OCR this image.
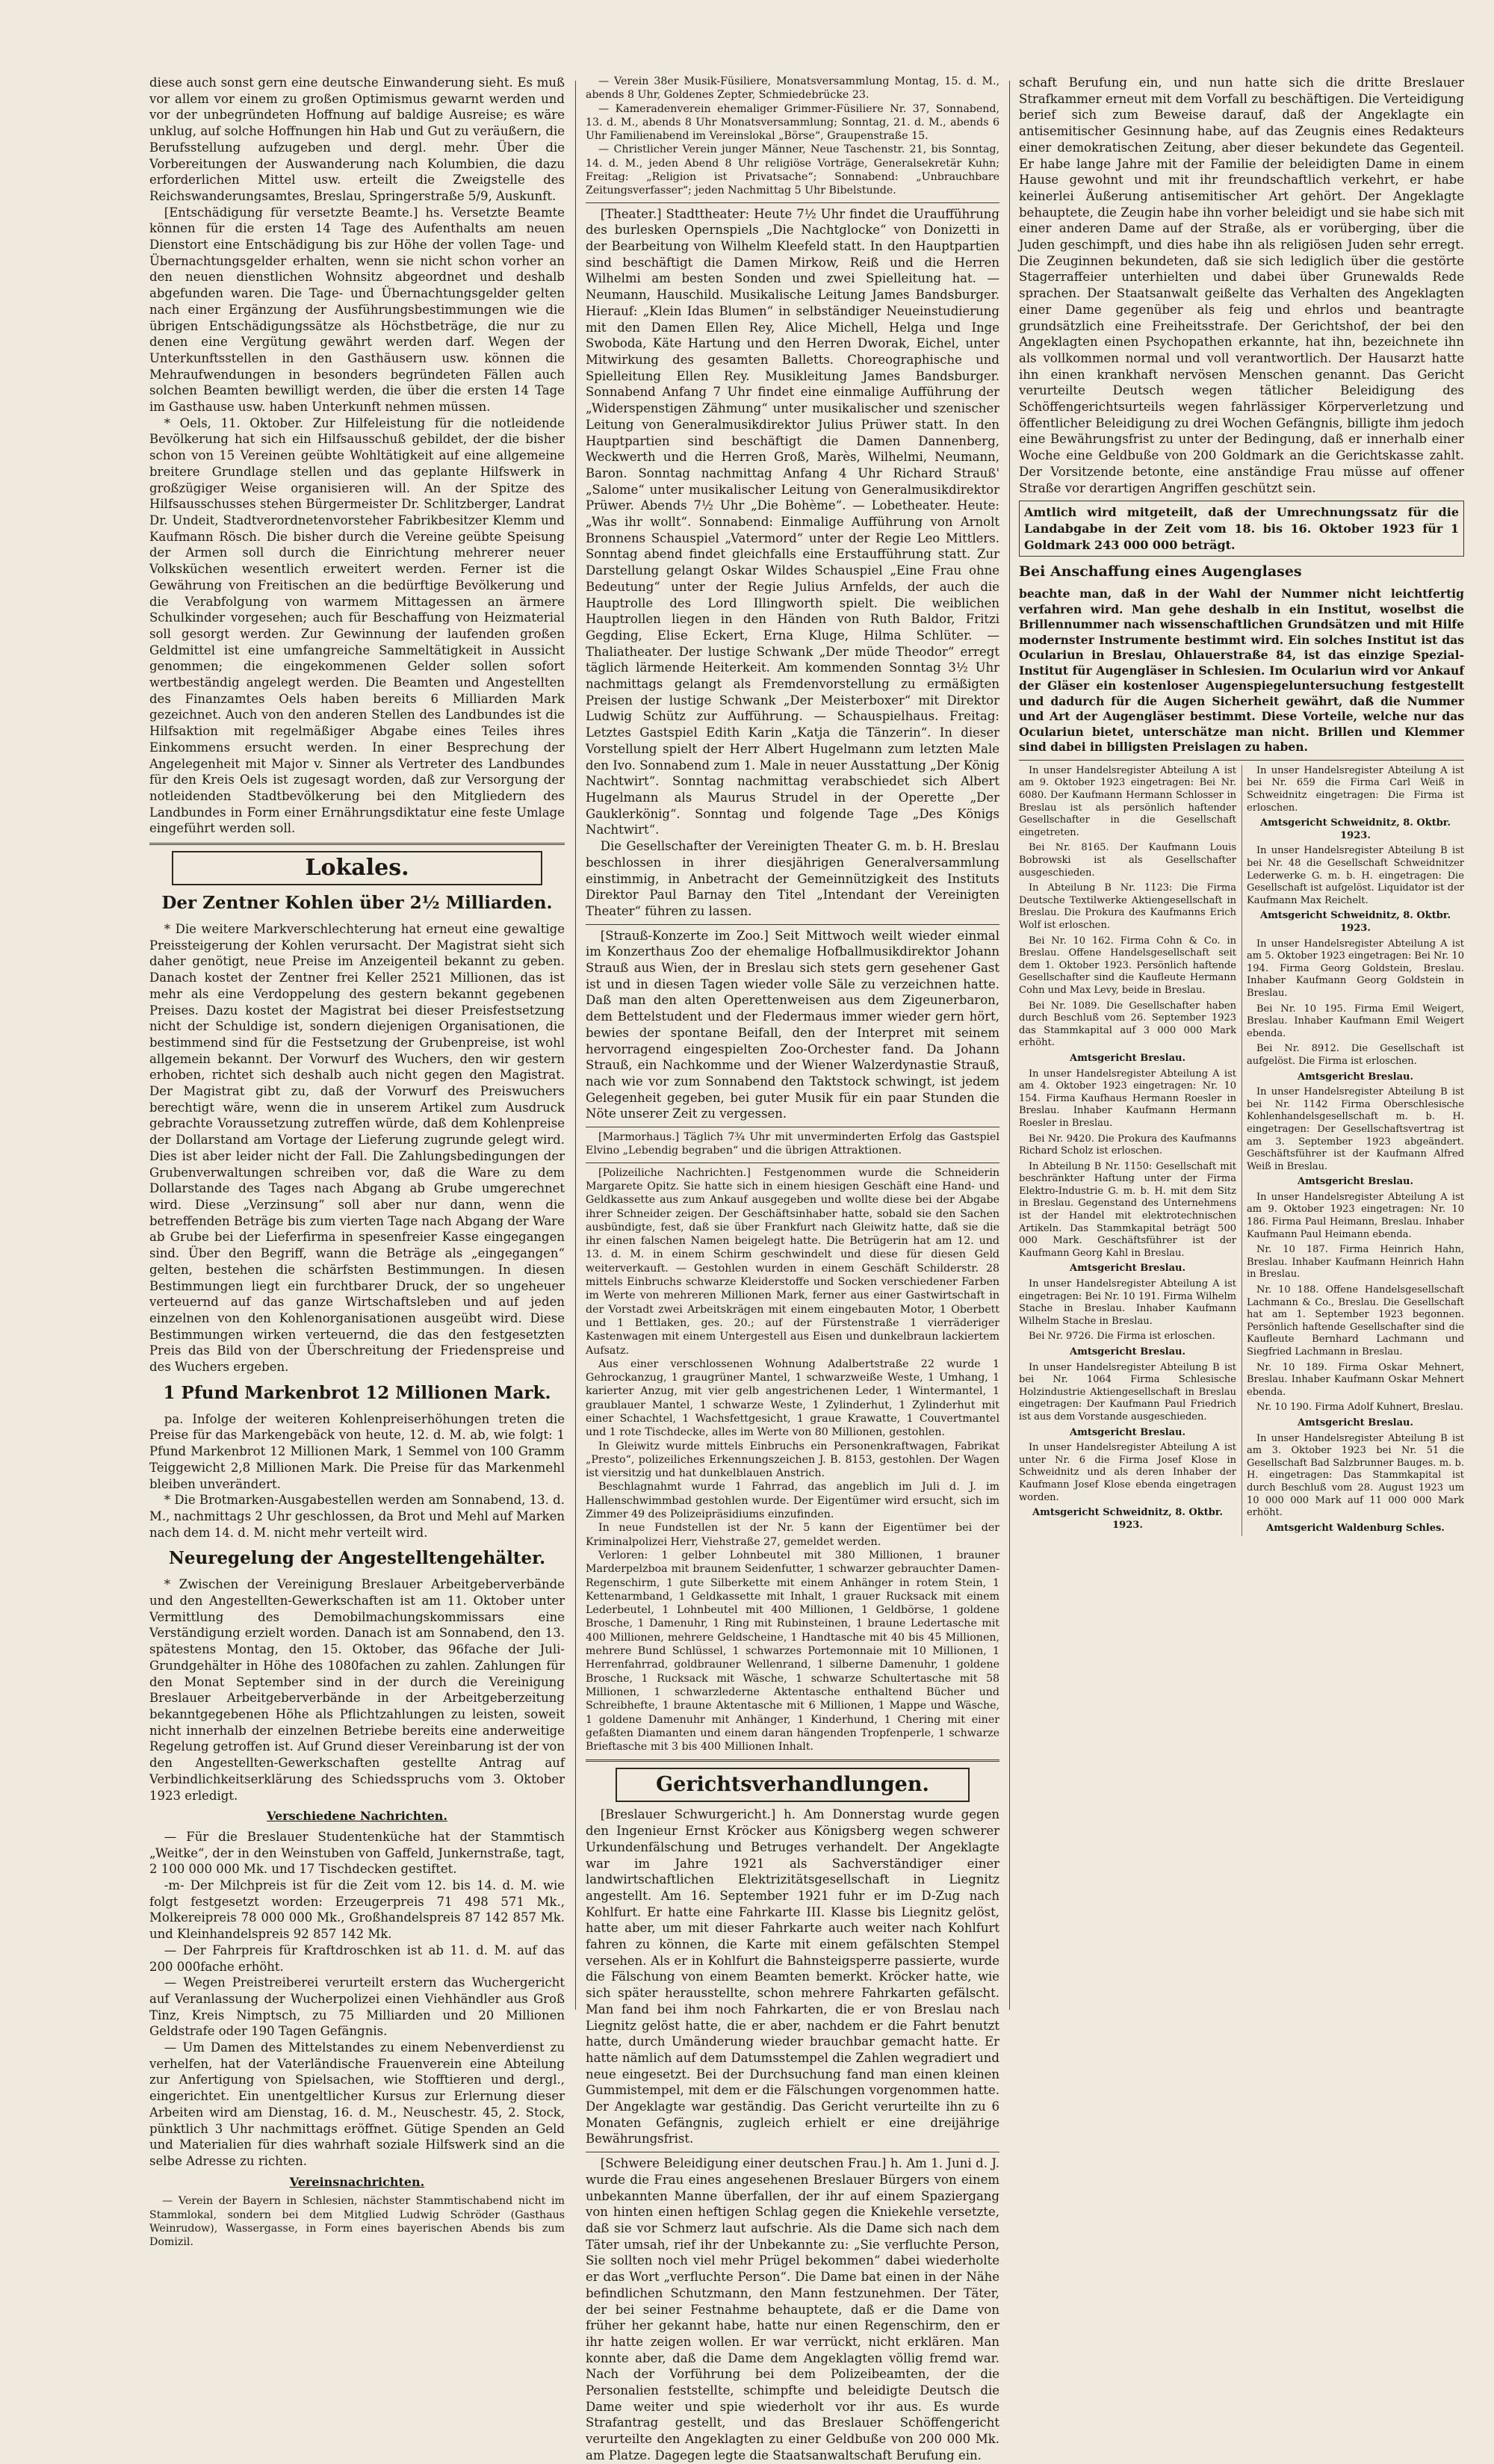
diese auch sonst gern eine deutsche Einwanderung sieht. Es muß vor allem vor einem zu großen Optimismus gewarnt werden und vor der unbegründeten Hoffnung auf baldige Ausreise; es wäre unklug, auf solche Hoffnungen hin Hab und Gut zu veräußern, die Berufsstellung aufzugeben und dergl. mehr. Über die Vorbereitungen der Auswanderung nach Kolumbien, die dazu erforderlichen Mittel usw. erteilt die Zweigstelle des Reichswanderungsamtes, Breslau, Springerstraße 5/9, Auskunft.

[Entschädigung für versetzte Beamte.] hs. Versetzte Beamte können für die ersten 14 Tage des Aufenthalts am neuen Dienstort eine Entschädigung bis zur Höhe der vollen Tage- und Übernachtungsgelder erhalten, wenn sie nicht schon vorher an den neuen dienstlichen Wohnsitz abgeordnet und deshalb abgefunden waren. Die Tage- und Übernachtungsgelder gelten nach einer Ergänzung der Ausführungsbestimmungen wie die übrigen Entschädigungssätze als Höchstbeträge, die nur zu denen eine Vergütung gewährt werden darf. Wegen der Unterkunftsstellen in den Gasthäusern usw. können die Mehraufwendungen in besonders begründeten Fällen auch solchen Beamten bewilligt werden, die über die ersten 14 Tage im Gasthause usw. haben Unterkunft nehmen müssen.

* Oels, 11. Oktober. Zur Hilfeleistung für die notleidende Bevölkerung hat sich ein Hilfsausschuß gebildet, der die bisher schon von 15 Vereinen geübte Wohltätigkeit auf eine allgemeine breitere Grundlage stellen und das geplante Hilfswerk in großzügiger Weise organisieren will. An der Spitze des Hilfsausschusses stehen Bürgermeister Dr. Schlitzberger, Landrat Dr. Undeit, Stadtverordnetenvorsteher Fabrikbesitzer Klemm und Kaufmann Rösch. Die bisher durch die Vereine geübte Speisung der Armen soll durch die Einrichtung mehrerer neuer Volksküchen wesentlich erweitert werden. Ferner ist die Gewährung von Freitischen an die bedürftige Bevölkerung und die Verabfolgung von warmem Mittagessen an ärmere Schulkinder vorgesehen; auch für Beschaffung von Heizmaterial soll gesorgt werden. Zur Gewinnung der laufenden großen Geldmittel ist eine umfangreiche Sammeltätigkeit in Aussicht genommen; die eingekommenen Gelder sollen sofort wertbeständig angelegt werden. Die Beamten und Angestellten des Finanzamtes Oels haben bereits 6 Milliarden Mark gezeichnet. Auch von den anderen Stellen des Landbundes ist die Hilfsaktion mit regelmäßiger Abgabe eines Teiles ihres Einkommens ersucht werden. In einer Besprechung der Angelegenheit mit Major v. Sinner als Vertreter des Landbundes für den Kreis Oels ist zugesagt worden, daß zur Versorgung der notleidenden Stadtbevölkerung bei den Mitgliedern des Landbundes in Form einer Ernährungsdiktatur eine feste Umlage eingeführt werden soll.

Lokales.
Der Zentner Kohlen über 2½ Milliarden.

* Die weitere Markverschlechterung hat erneut eine gewaltige Preissteigerung der Kohlen verursacht. Der Magistrat sieht sich daher genötigt, neue Preise im Anzeigenteil bekannt zu geben. Danach kostet der Zentner frei Keller 2521 Millionen, das ist mehr als eine Verdoppelung des gestern bekannt gegebenen Preises. Dazu kostet der Magistrat bei dieser Preisfestsetzung nicht der Schuldige ist, sondern diejenigen Organisationen, die bestimmend sind für die Festsetzung der Grubenpreise, ist wohl allgemein bekannt. Der Vorwurf des Wuchers, den wir gestern erhoben, richtet sich deshalb auch nicht gegen den Magistrat. Der Magistrat gibt zu, daß der Vorwurf des Preiswuchers berechtigt wäre, wenn die in unserem Artikel zum Ausdruck gebrachte Voraussetzung zutreffen würde, daß dem Kohlenpreise der Dollarstand am Vortage der Lieferung zugrunde gelegt wird. Dies ist aber leider nicht der Fall. Die Zahlungsbedingungen der Grubenverwaltungen schreiben vor, daß die Ware zu dem Dollarstande des Tages nach Abgang ab Grube umgerechnet wird. Diese „Verzinsung“ soll aber nur dann, wenn die betreffenden Beträge bis zum vierten Tage nach Abgang der Ware ab Grube bei der Lieferfirma in spesenfreier Kasse eingegangen sind. Über den Begriff, wann die Beträge als „eingegangen“ gelten, bestehen die schärfsten Bestimmungen. In diesen Bestimmungen liegt ein furchtbarer Druck, der so ungeheuer verteuernd auf das ganze Wirtschaftsleben und auf jeden einzelnen von den Kohlenorganisationen ausgeübt wird. Diese Bestimmungen wirken verteuernd, die das den festgesetzten Preis das Bild von der Überschreitung der Friedenspreise und des Wuchers ergeben.

1 Pfund Markenbrot 12 Millionen Mark.

pa. Infolge der weiteren Kohlenpreiserhöhungen treten die Preise für das Markengebäck von heute, 12. d. M. ab, wie folgt: 1 Pfund Markenbrot 12 Millionen Mark, 1 Semmel von 100 Gramm Teiggewicht 2,8 Millionen Mark. Die Preise für das Markenmehl bleiben unverändert.

* Die Brotmarken-Ausgabestellen werden am Sonnabend, 13. d. M., nachmittags 2 Uhr geschlossen, da Brot und Mehl auf Marken nach dem 14. d. M. nicht mehr verteilt wird.

Neuregelung der Angestelltengehälter.

* Zwischen der Vereinigung Breslauer Arbeitgeberverbände und den Angestellten-Gewerkschaften ist am 11. Oktober unter Vermittlung des Demobilmachungskommissars eine Verständigung erzielt worden. Danach ist am Sonnabend, den 13. spätestens Montag, den 15. Oktober, das 96fache der Juli-Grundgehälter in Höhe des 1080fachen zu zahlen. Zahlungen für den Monat September sind in der durch die Vereinigung Breslauer Arbeitgeberverbände in der Arbeitgeberzeitung bekanntgegebenen Höhe als Pflichtzahlungen zu leisten, soweit nicht innerhalb der einzelnen Betriebe bereits eine anderweitige Regelung getroffen ist. Auf Grund dieser Vereinbarung ist der von den Angestellten-Gewerkschaften gestellte Antrag auf Verbindlichkeitserklärung des Schiedsspruchs vom 3. Oktober 1923 erledigt.

Verschiedene Nachrichten.

— Für die Breslauer Studentenküche hat der Stammtisch „Weitke“, der in den Weinstuben von Gaffeld, Junkernstraße, tagt, 2 100 000 000 Mk. und 17 Tischdecken gestiftet.

-m- Der Milchpreis ist für die Zeit vom 12. bis 14. d. M. wie folgt festgesetzt worden: Erzeugerpreis 71 498 571 Mk., Molkereipreis 78 000 000 Mk., Großhandelspreis 87 142 857 Mk. und Kleinhandelspreis 92 857 142 Mk.

— Der Fahrpreis für Kraftdroschken ist ab 11. d. M. auf das 200 000fache erhöht.

— Wegen Preistreiberei verurteilt erstern das Wuchergericht auf Veranlassung der Wucherpolizei einen Viehhändler aus Groß Tinz, Kreis Nimptsch, zu 75 Milliarden und 20 Millionen Geldstrafe oder 190 Tagen Gefängnis.

— Um Damen des Mittelstandes zu einem Nebenverdienst zu verhelfen, hat der Vaterländische Frauenverein eine Abteilung zur Anfertigung von Spielsachen, wie Stofftieren und dergl., eingerichtet. Ein unentgeltlicher Kursus zur Erlernung dieser Arbeiten wird am Dienstag, 16. d. M., Neuschestr. 45, 2. Stock, pünktlich 3 Uhr nachmittags eröffnet. Gütige Spenden an Geld und Materialien für dies wahrhaft soziale Hilfswerk sind an die selbe Adresse zu richten.

Vereinsnachrichten.

— Verein der Bayern in Schlesien, nächster Stammtischabend nicht im Stammlokal, sondern bei dem Mitglied Ludwig Schröder (Gasthaus Weinrudow), Wassergasse, in Form eines bayerischen Abends bis zum Domizil.

— Verein 38er Musik-Füsiliere, Monatsversammlung Montag, 15. d. M., abends 8 Uhr, Goldenes Zepter, Schmiedebrücke 23.

— Kameradenverein ehemaliger Grimmer-Füsiliere Nr. 37, Sonnabend, 13. d. M., abends 8 Uhr Monatsversammlung; Sonntag, 21. d. M., abends 6 Uhr Familienabend im Vereinslokal „Börse“, Graupenstraße 15.

— Christlicher Verein junger Männer, Neue Taschenstr. 21, bis Sonntag, 14. d. M., jeden Abend 8 Uhr religiöse Vorträge, Generalsekretär Kuhn; Freitag: „Religion ist Privatsache“; Sonnabend: „Unbrauchbare Zeitungsverfasser“; jeden Nachmittag 5 Uhr Bibelstunde.

[Theater.] Stadttheater: Heute 7½ Uhr findet die Uraufführung des burlesken Opernspiels „Die Nachtglocke“ von Donizetti in der Bearbeitung von Wilhelm Kleefeld statt. In den Hauptpartien sind beschäftigt die Damen Mirkow, Reiß und die Herren Wilhelmi am besten Sonden und zwei Spielleitung hat. — Neumann, Hauschild. Musikalische Leitung James Bandsburger. Hierauf: „Klein Idas Blumen“ in selbständiger Neueinstudierung mit den Damen Ellen Rey, Alice Michell, Helga und Inge Swoboda, Käte Hartung und den Herren Dworak, Eichel, unter Mitwirkung des gesamten Balletts. Choreographische und Spielleitung Ellen Rey. Musikleitung James Bandsburger. Sonnabend Anfang 7 Uhr findet eine einmalige Aufführung der „Widerspenstigen Zähmung“ unter musikalischer und szenischer Leitung von Generalmusikdirektor Julius Prüwer statt. In den Hauptpartien sind beschäftigt die Damen Dannenberg, Weckwerth und die Herren Groß, Marès, Wilhelmi, Neumann, Baron. Sonntag nachmittag Anfang 4 Uhr Richard Strauß' „Salome“ unter musikalischer Leitung von Generalmusikdirektor Prüwer. Abends 7½ Uhr „Die Bohème“. — Lobetheater. Heute: „Was ihr wollt“. Sonnabend: Einmalige Aufführung von Arnolt Bronnens Schauspiel „Vatermord“ unter der Regie Leo Mittlers. Sonntag abend findet gleichfalls eine Erstaufführung statt. Zur Darstellung gelangt Oskar Wildes Schauspiel „Eine Frau ohne Bedeutung“ unter der Regie Julius Arnfelds, der auch die Hauptrolle des Lord Illingworth spielt. Die weiblichen Hauptrollen liegen in den Händen von Ruth Baldor, Fritzi Gegding, Elise Eckert, Erna Kluge, Hilma Schlüter. — Thaliatheater. Der lustige Schwank „Der müde Theodor“ erregt täglich lärmende Heiterkeit. Am kommenden Sonntag 3½ Uhr nachmittags gelangt als Fremdenvorstellung zu ermäßigten Preisen der lustige Schwank „Der Meisterboxer“ mit Direktor Ludwig Schütz zur Aufführung. — Schauspielhaus. Freitag: Letztes Gastspiel Edith Karin „Katja die Tänzerin“. In dieser Vorstellung spielt der Herr Albert Hugelmann zum letzten Male den Ivo. Sonnabend zum 1. Male in neuer Ausstattung „Der König Nachtwirt“. Sonntag nachmittag verabschiedet sich Albert Hugelmann als Maurus Strudel in der Operette „Der Gauklerkönig“. Sonntag und folgende Tage „Des Königs Nachtwirt“.

Die Gesellschafter der Vereinigten Theater G. m. b. H. Breslau beschlossen in ihrer diesjährigen Generalversammlung einstimmig, in Anbetracht der Gemeinnützigkeit des Instituts Direktor Paul Barnay den Titel „Intendant der Vereinigten Theater“ führen zu lassen.

[Strauß-Konzerte im Zoo.] Seit Mittwoch weilt wieder einmal im Konzerthaus Zoo der ehemalige Hofballmusikdirektor Johann Strauß aus Wien, der in Breslau sich stets gern gesehener Gast ist und in diesen Tagen wieder volle Säle zu verzeichnen hatte. Daß man den alten Operettenweisen aus dem Zigeunerbaron, dem Bettelstudent und der Fledermaus immer wieder gern hört, bewies der spontane Beifall, den der Interpret mit seinem hervorragend eingespielten Zoo-Orchester fand. Da Johann Strauß, ein Nachkomme und der Wiener Walzerdynastie Strauß, nach wie vor zum Sonnabend den Taktstock schwingt, ist jedem Gelegenheit gegeben, bei guter Musik für ein paar Stunden die Nöte unserer Zeit zu vergessen.

[Marmorhaus.] Täglich 7¾ Uhr mit unverminderten Erfolg das Gastspiel Elvino „Lebendig begraben“ und die übrigen Attraktionen.

[Polizeiliche Nachrichten.] Festgenommen wurde die Schneiderin Margarete Opitz. Sie hatte sich in einem hiesigen Geschäft eine Hand- und Geldkassette aus zum Ankauf ausgegeben und wollte diese bei der Abgabe ihrer Schneider zeigen. Der Geschäftsinhaber hatte, sobald sie den Sachen ausbündigte, fest, daß sie über Frankfurt nach Gleiwitz hatte, daß sie die ihr einen falschen Namen beigelegt hatte. Die Betrügerin hat am 12. und 13. d. M. in einem Schirm geschwindelt und diese für diesen Geld weiterverkauft. — Gestohlen wurden in einem Geschäft Schilderstr. 28 mittels Einbruchs schwarze Kleiderstoffe und Socken verschiedener Farben im Werte von mehreren Millionen Mark, ferner aus einer Gastwirtschaft in der Vorstadt zwei Arbeitskrägen mit einem eingebauten Motor, 1 Oberbett und 1 Bettlaken, ges. 20.; auf der Fürstenstraße 1 vierräderiger Kastenwagen mit einem Untergestell aus Eisen und dunkelbraun lackiertem Aufsatz.

Aus einer verschlossenen Wohnung Adalbertstraße 22 wurde 1 Gehrockanzug, 1 graugrüner Mantel, 1 schwarzweiße Weste, 1 Umhang, 1 karierter Anzug, mit vier gelb angestrichenen Leder, 1 Wintermantel, 1 graublauer Mantel, 1 schwarze Weste, 1 Zylinderhut, 1 Zylinderhut mit einer Schachtel, 1 Wachsfettgesicht, 1 graue Krawatte, 1 Couvertmantel und 1 rote Tischdecke, alles im Werte von 80 Millionen, gestohlen.

In Gleiwitz wurde mittels Einbruchs ein Personenkraftwagen, Fabrikat „Presto“, polizeiliches Erkennungszeichen J. B. 8153, gestohlen. Der Wagen ist viersitzig und hat dunkelblauen Anstrich.

Beschlagnahmt wurde 1 Fahrrad, das angeblich im Juli d. J. im Hallenschwimmbad gestohlen wurde. Der Eigentümer wird ersucht, sich im Zimmer 49 des Polizeipräsidiums einzufinden.

In neue Fundstellen ist der Nr. 5 kann der Eigentümer bei der Kriminalpolizei Herr, Viehstraße 27, gemeldet werden.

Verloren: 1 gelber Lohnbeutel mit 380 Millionen, 1 brauner Marderpelzboa mit braunem Seidenfutter, 1 schwarzer gebrauchter Damen-Regenschirm, 1 gute Silberkette mit einem Anhänger in rotem Stein, 1 Kettenarmband, 1 Geldkassette mit Inhalt, 1 grauer Rucksack mit einem Lederbeutel, 1 Lohnbeutel mit 400 Millionen, 1 Geldbörse, 1 goldene Brosche, 1 Damenuhr, 1 Ring mit Rubinsteinen, 1 braune Ledertasche mit 400 Millionen, mehrere Geldscheine, 1 Handtasche mit 40 bis 45 Millionen, mehrere Bund Schlüssel, 1 schwarzes Portemonnaie mit 10 Millionen, 1 Herrenfahrrad, goldbrauner Wellenrand, 1 silberne Damenuhr, 1 goldene Brosche, 1 Rucksack mit Wäsche, 1 schwarze Schultertasche mit 58 Millionen, 1 schwarzlederne Aktentasche enthaltend Bücher und Schreibhefte, 1 braune Aktentasche mit 6 Millionen, 1 Mappe und Wäsche, 1 goldene Damenuhr mit Anhänger, 1 Kinderhund, 1 Chering mit einer gefaßten Diamanten und einem daran hängenden Tropfenperle, 1 schwarze Brieftasche mit 3 bis 400 Millionen Inhalt.

Gerichtsverhandlungen.

[Breslauer Schwurgericht.] h. Am Donnerstag wurde gegen den Ingenieur Ernst Kröcker aus Königsberg wegen schwerer Urkundenfälschung und Betruges verhandelt. Der Angeklagte war im Jahre 1921 als Sachverständiger einer landwirtschaftlichen Elektrizitätsgesellschaft in Liegnitz angestellt. Am 16. September 1921 fuhr er im D-Zug nach Kohlfurt. Er hatte eine Fahrkarte III. Klasse bis Liegnitz gelöst, hatte aber, um mit dieser Fahrkarte auch weiter nach Kohlfurt fahren zu können, die Karte mit einem gefälschten Stempel versehen. Als er in Kohlfurt die Bahnsteigsperre passierte, wurde die Fälschung von einem Beamten bemerkt. Kröcker hatte, wie sich später herausstellte, schon mehrere Fahrkarten gefälscht. Man fand bei ihm noch Fahrkarten, die er von Breslau nach Liegnitz gelöst hatte, die er aber, nachdem er die Fahrt benutzt hatte, durch Umänderung wieder brauchbar gemacht hatte. Er hatte nämlich auf dem Datumsstempel die Zahlen wegradiert und neue eingesetzt. Bei der Durchsuchung fand man einen kleinen Gummistempel, mit dem er die Fälschungen vorgenommen hatte. Der Angeklagte war geständig. Das Gericht verurteilte ihn zu 6 Monaten Gefängnis, zugleich erhielt er eine dreijährige Bewährungsfrist.

[Schwere Beleidigung einer deutschen Frau.] h. Am 1. Juni d. J. wurde die Frau eines angesehenen Breslauer Bürgers von einem unbekannten Manne überfallen, der ihr auf einem Spaziergang von hinten einen heftigen Schlag gegen die Kniekehle versetzte, daß sie vor Schmerz laut aufschrie. Als die Dame sich nach dem Täter umsah, rief ihr der Unbekannte zu: „Sie verfluchte Person, Sie sollten noch viel mehr Prügel bekommen“ dabei wiederholte er das Wort „verfluchte Person“. Die Dame bat einen in der Nähe befindlichen Schutzmann, den Mann festzunehmen. Der Täter, der bei seiner Festnahme behauptete, daß er die Dame von früher her gekannt habe, hatte nur einen Regenschirm, den er ihr hatte zeigen wollen. Er war verrückt, nicht erklären. Man konnte aber, daß die Dame dem Angeklagten völlig fremd war. Nach der Vorführung bei dem Polizeibeamten, der die Personalien feststellte, schimpfte und beleidigte Deutsch die Dame weiter und spie wiederholt vor ihr aus. Es wurde Strafantrag gestellt, und das Breslauer Schöffengericht verurteilte den Angeklagten zu einer Geldbuße von 200 000 Mk. am Platze. Dagegen legte die Staatsanwaltschaft Berufung ein.

schaft Berufung ein, und nun hatte sich die dritte Breslauer Strafkammer erneut mit dem Vorfall zu beschäftigen. Die Verteidigung berief sich zum Beweise darauf, daß der Angeklagte ein antisemitischer Gesinnung habe, auf das Zeugnis eines Redakteurs einer demokratischen Zeitung, aber dieser bekundete das Gegenteil. Er habe lange Jahre mit der Familie der beleidigten Dame in einem Hause gewohnt und mit ihr freundschaftlich verkehrt, er habe keinerlei Äußerung antisemitischer Art gehört. Der Angeklagte behauptete, die Zeugin habe ihn vorher beleidigt und sie habe sich mit einer anderen Dame auf der Straße, als er vorüberging, über die Juden geschimpft, und dies habe ihn als religiösen Juden sehr erregt. Die Zeuginnen bekundeten, daß sie sich lediglich über die gestörte Stagerraffeier unterhielten und dabei über Grunewalds Rede sprachen. Der Staatsanwalt geißelte das Verhalten des Angeklagten einer Dame gegenüber als feig und ehrlos und beantragte grundsätzlich eine Freiheitsstrafe. Der Gerichtshof, der bei den Angeklagten einen Psychopathen erkannte, hat ihn, bezeichnete ihn als vollkommen normal und voll verantwortlich. Der Hausarzt hatte ihn einen krankhaft nervösen Menschen genannt. Das Gericht verurteilte Deutsch wegen tätlicher Beleidigung des Schöffengerichtsurteils wegen fahrlässiger Körperverletzung und öffentlicher Beleidigung zu drei Wochen Gefängnis, billigte ihm jedoch eine Bewährungsfrist zu unter der Bedingung, daß er innerhalb einer Woche eine Geldbuße von 200 Goldmark an die Gerichtskasse zahlt. Der Vorsitzende betonte, eine anständige Frau müsse auf offener Straße vor derartigen Angriffen geschützt sein.

Amtlich wird mitgeteilt, daß der Umrechnungssatz für die Landabgabe in der Zeit vom 18. bis 16. Oktober 1923 für 1 Goldmark 243 000 000 beträgt.
Bei Anschaffung eines Augenglases

beachte man, daß in der Wahl der Nummer nicht leichtfertig verfahren wird. Man gehe deshalb in ein Institut, woselbst die Brillennummer nach wissenschaftlichen Grundsätzen und mit Hilfe modernster Instrumente bestimmt wird. Ein solches Institut ist das Oculariun in Breslau, Ohlauerstraße 84, ist das einzige Spezial-Institut für Augengläser in Schlesien. Im Oculariun wird vor Ankauf der Gläser ein kostenloser Augenspiegeluntersuchung festgestellt und dadurch für die Augen Sicherheit gewährt, daß die Nummer und Art der Augengläser bestimmt. Diese Vorteile, welche nur das Oculariun bietet, unterschätze man nicht. Brillen und Klemmer sind dabei in billigsten Preislagen zu haben.

In unser Handelsregister Abteilung A ist am 9. Oktober 1923 eingetragen: Bei Nr. 6080. Der Kaufmann Hermann Schlosser in Breslau ist als persönlich haftender Gesellschafter in die Gesellschaft eingetreten.

Bei Nr. 8165. Der Kaufmann Louis Bobrowski ist als Gesellschafter ausgeschieden.

In Abteilung B Nr. 1123: Die Firma Deutsche Textilwerke Aktiengesellschaft in Breslau. Die Prokura des Kaufmanns Erich Wolf ist erloschen.

Bei Nr. 10 162. Firma Cohn & Co. in Breslau. Offene Handelsgesellschaft seit dem 1. Oktober 1923. Persönlich haftende Gesellschafter sind die Kaufleute Hermann Cohn und Max Levy, beide in Breslau.

Bei Nr. 1089. Die Gesellschafter haben durch Beschluß vom 26. September 1923 das Stammkapital auf 3 000 000 Mark erhöht.

Amtsgericht Breslau.

In unser Handelsregister Abteilung A ist am 4. Oktober 1923 eingetragen: Nr. 10 154. Firma Kaufhaus Hermann Roesler in Breslau. Inhaber Kaufmann Hermann Roesler in Breslau.

Bei Nr. 9420. Die Prokura des Kaufmanns Richard Scholz ist erloschen.

In Abteilung B Nr. 1150: Gesellschaft mit beschränkter Haftung unter der Firma Elektro-Industrie G. m. b. H. mit dem Sitz in Breslau. Gegenstand des Unternehmens ist der Handel mit elektrotechnischen Artikeln. Das Stammkapital beträgt 500 000 Mark. Geschäftsführer ist der Kaufmann Georg Kahl in Breslau.

Amtsgericht Breslau.

In unser Handelsregister Abteilung A ist eingetragen: Bei Nr. 10 191. Firma Wilhelm Stache in Breslau. Inhaber Kaufmann Wilhelm Stache in Breslau.

Bei Nr. 9726. Die Firma ist erloschen.

Amtsgericht Breslau.

In unser Handelsregister Abteilung B ist bei Nr. 1064 Firma Schlesische Holzindustrie Aktiengesellschaft in Breslau eingetragen: Der Kaufmann Paul Friedrich ist aus dem Vorstande ausgeschieden.

Amtsgericht Breslau.

In unser Handelsregister Abteilung A ist unter Nr. 6 die Firma Josef Klose in Schweidnitz und als deren Inhaber der Kaufmann Josef Klose ebenda eingetragen worden.

Amtsgericht Schweidnitz, 8. Oktbr. 1923.

In unser Handelsregister Abteilung A ist bei Nr. 659 die Firma Carl Weiß in Schweidnitz eingetragen: Die Firma ist erloschen.

Amtsgericht Schweidnitz, 8. Oktbr. 1923.

In unser Handelsregister Abteilung B ist bei Nr. 48 die Gesellschaft Schweidnitzer Lederwerke G. m. b. H. eingetragen: Die Gesellschaft ist aufgelöst. Liquidator ist der Kaufmann Max Reichelt.

Amtsgericht Schweidnitz, 8. Oktbr. 1923.

In unser Handelsregister Abteilung A ist am 5. Oktober 1923 eingetragen: Bei Nr. 10 194. Firma Georg Goldstein, Breslau. Inhaber Kaufmann Georg Goldstein in Breslau.

Bei Nr. 10 195. Firma Emil Weigert, Breslau. Inhaber Kaufmann Emil Weigert ebenda.

Bei Nr. 8912. Die Gesellschaft ist aufgelöst. Die Firma ist erloschen.

Amtsgericht Breslau.

In unser Handelsregister Abteilung B ist bei Nr. 1142 Firma Oberschlesische Kohlenhandelsgesellschaft m. b. H. eingetragen: Der Gesellschaftsvertrag ist am 3. September 1923 abgeändert. Geschäftsführer ist der Kaufmann Alfred Weiß in Breslau.

Amtsgericht Breslau.

In unser Handelsregister Abteilung A ist am 9. Oktober 1923 eingetragen: Nr. 10 186. Firma Paul Heimann, Breslau. Inhaber Kaufmann Paul Heimann ebenda.

Nr. 10 187. Firma Heinrich Hahn, Breslau. Inhaber Kaufmann Heinrich Hahn in Breslau.

Nr. 10 188. Offene Handelsgesellschaft Lachmann & Co., Breslau. Die Gesellschaft hat am 1. September 1923 begonnen. Persönlich haftende Gesellschafter sind die Kaufleute Bernhard Lachmann und Siegfried Lachmann in Breslau.

Nr. 10 189. Firma Oskar Mehnert, Breslau. Inhaber Kaufmann Oskar Mehnert ebenda.

Nr. 10 190. Firma Adolf Kuhnert, Breslau.

Amtsgericht Breslau.

In unser Handelsregister Abteilung B ist am 3. Oktober 1923 bei Nr. 51 die Gesellschaft Bad Salzbrunner Bauges. m. b. H. eingetragen: Das Stammkapital ist durch Beschluß vom 28. August 1923 um 10 000 000 Mark auf 11 000 000 Mark erhöht.

Amtsgericht Waldenburg Schles.
